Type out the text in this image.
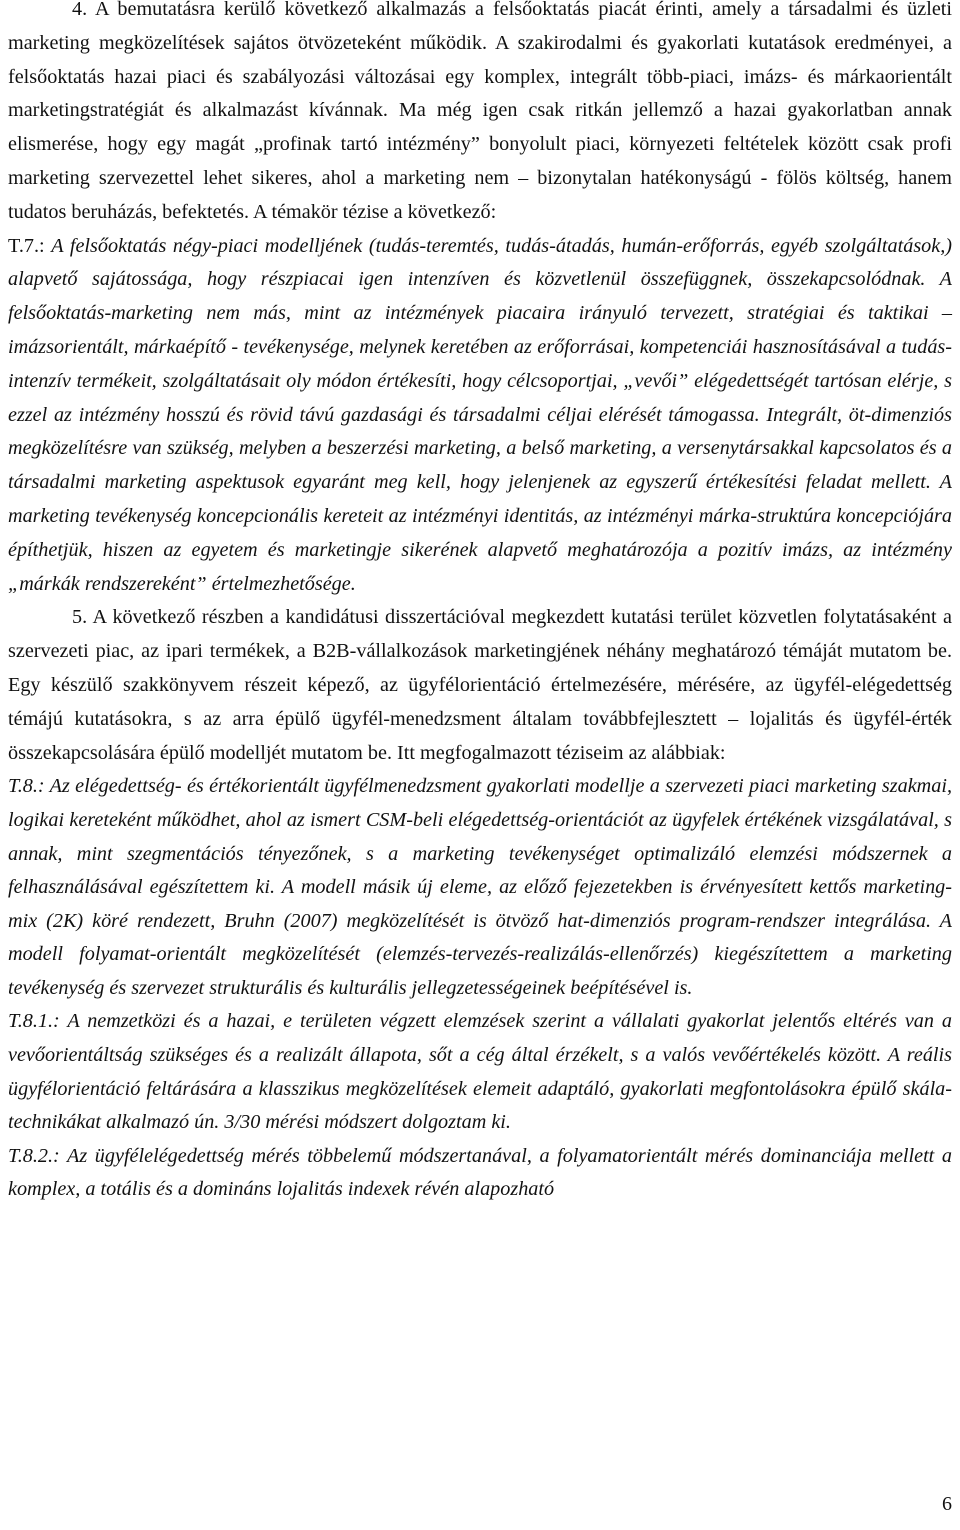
4. A bemutatásra kerülő következő alkalmazás a felsőoktatás piacát érinti, amely a társadalmi és üzleti marketing megközelítések sajátos ötvözeteként működik. A szakirodalmi és gyakorlati kutatások eredményei, a felsőoktatás hazai piaci és szabályozási változásai egy komplex, integrált több-piaci, imázs- és márkaorientált marketingstratégiát és alkalmazást kívánnak. Ma még igen csak ritkán jellemző a hazai gyakorlatban annak elismerése, hogy egy magát „profinak tartó intézmény” bonyolult piaci, környezeti feltételek között csak profi marketing szervezettel lehet sikeres, ahol a marketing nem – bizonytalan hatékonyságú - fölös költség, hanem tudatos beruházás, befektetés. A témakör tézise a következő:

T.7.: A felsőoktatás négy-piaci modelljének (tudás-teremtés, tudás-átadás, humán-erőforrás, egyéb szolgáltatások,) alapvető sajátossága, hogy részpiacai igen intenzíven és közvetlenül összefüggnek, összekapcsolódnak. A felsőoktatás-marketing nem más, mint az intézmények piacaira irányuló tervezett, stratégiai és taktikai – imázsorientált, márkaépítő - tevékenysége, melynek keretében az erőforrásai, kompetenciái hasznosításával a tudás-intenzív termékeit, szolgáltatásait oly módon értékesíti, hogy célcsoportjai, „vevői” elégedettségét tartósan elérje, s ezzel az intézmény hosszú és rövid távú gazdasági és társadalmi céljai elérését támogassa. Integrált, öt-dimenziós megközelítésre van szükség, melyben a beszerzési marketing, a belső marketing, a versenytársakkal kapcsolatos és a társadalmi marketing aspektusok egyaránt meg kell, hogy jelenjenek az egyszerű értékesítési feladat mellett. A marketing tevékenység koncepcionális kereteit az intézményi identitás, az intézményi márka-struktúra koncepciójára építhetjük, hiszen az egyetem és marketingje sikerének alapvető meghatározója a pozitív imázs, az intézmény „márkák rendszereként” értelmezhetősége.

5. A következő részben a kandidátusi disszertációval megkezdett kutatási terület közvetlen folytatásaként a szervezeti piac, az ipari termékek, a B2B-vállalkozások marketingjének néhány meghatározó témáját mutatom be. Egy készülő szakkönyvem részeit képező, az ügyfélorientáció értelmezésére, mérésére, az ügyfél-elégedettség témájú kutatásokra, s az arra épülő ügyfél-menedzsment általam továbbfejlesztett – lojalitás és ügyfél-érték összekapcsolására épülő modelljét mutatom be. Itt megfogalmazott téziseim az alábbiak:

T.8.: Az elégedettség- és értékorientált ügyfélmenedzsment gyakorlati modellje a szervezeti piaci marketing szakmai, logikai kereteként működhet, ahol az ismert CSM-beli elégedettség-orientációt az ügyfelek értékének vizsgálatával, s annak, mint szegmentációs tényezőnek, s a marketing tevékenységet optimalizáló elemzési módszernek a felhasználásával egészítettem ki. A modell másik új eleme, az előző fejezetekben is érvényesített kettős marketing-mix (2K) köré rendezett, Bruhn (2007) megközelítését is ötvöző hat-dimenziós program-rendszer integrálása. A modell folyamat-orientált megközelítését (elemzés-tervezés-realizálás-ellenőrzés) kiegészítettem a marketing tevékenység és szervezet strukturális és kulturális jellegzetességeinek beépítésével is.

T.8.1.: A nemzetközi és a hazai, e területen végzett elemzések szerint a vállalati gyakorlat jelentős eltérés van a vevőorientáltság szükséges és a realizált állapota, sőt a cég által érzékelt, s a valós vevőértékelés között. A reális ügyfélorientáció feltárására a klasszikus megközelítések elemeit adaptáló, gyakorlati megfontolásokra épülő skála-technikákat alkalmazó ún. 3/30 mérési módszert dolgoztam ki.

T.8.2.: Az ügyfélelégedettség mérés többelemű módszertanával, a folyamatorientált mérés dominanciája mellett a komplex, a totális és a domináns lojalitás indexek révén alapozható

6
